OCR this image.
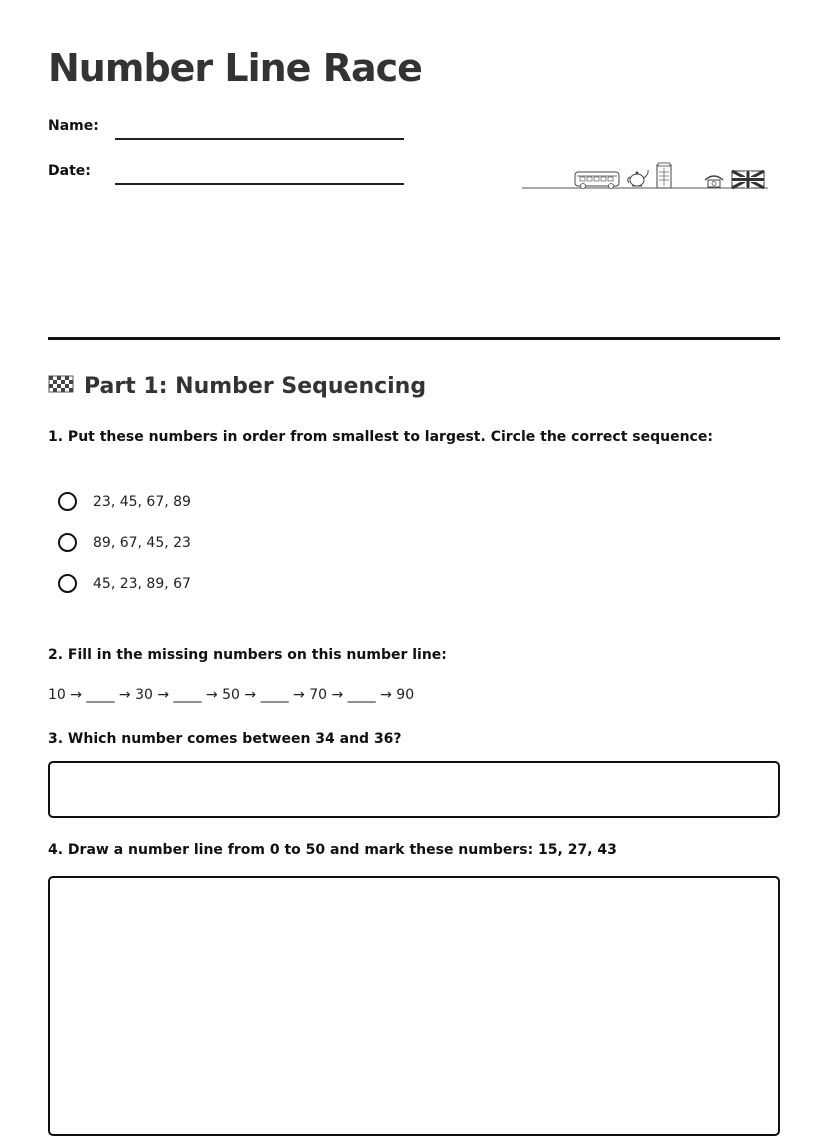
Number Line Race
Name:
Date:
Part 1: Number Sequencing
1. Put these numbers in order from smallest to largest. Circle the correct sequence:
23, 45, 67, 89
89, 67, 45, 23
45, 23, 89, 67
2. Fill in the missing numbers on this number line:
10 → ____ → 30 → ____ → 50 → ____ → 70 → ____ → 90
3. Which number comes between 34 and 36?
4. Draw a number line from 0 to 50 and mark these numbers: 15, 27, 43
